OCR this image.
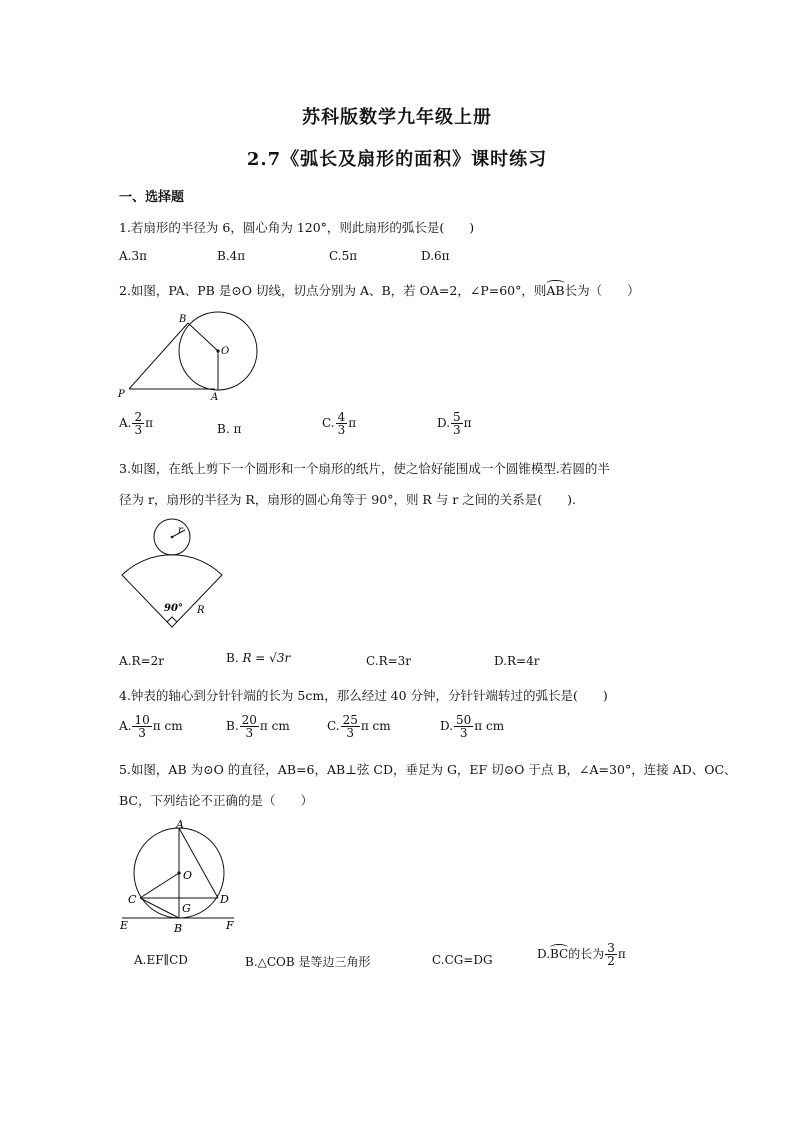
苏科版数学九年级上册
2.7《弧长及扇形的面积》课时练习
一、选择题
1.若扇形的半径为 6，圆心角为 120°，则此扇形的弧长是(　　)
A.3π	B.4π	C.5π	D.6π
2.如图，PA、PB 是⊙O 切线，切点分别为 A、B，若 OA=2，∠P=60°，则AB长为（　　）
B
O
P	A
A. $\frac{2}{3}$ π	B. π	C. $\frac{4}{3}$ π	D. $\frac{5}{3}$ π
3.如图，在纸上剪下一个圆形和一个扇形的纸片，使之恰好能围成一个圆锥模型.若圆的半
径为 r，扇形的半径为 R，扇形的圆心角等于 90°，则 R 与 r 之间的关系是(　　).
r
90° R
A.R=2r	B. R = √3r	C.R=3r	D.R=4r
4.钟表的轴心到分针针端的长为 5cm，那么经过 40 分钟，分针针端转过的弧长是(　　)
A. $\frac{10}{3}$ π cm	B. $\frac{20}{3}$ π cm	C. $\frac{25}{3}$ π cm	D. $\frac{50}{3}$ π cm
5.如图，AB 为⊙O 的直径，AB=6，AB⊥弦 CD，垂足为 G，EF 切⊙O 于点 B，∠A=30°，连接 AD、OC、
BC，下列结论不正确的是（　　）
A
O
C	D
G
E	B	F
A.EF∥CD	B.△COB 是等边三角形	C.CG=DG	D.BC的长为 $\frac{3}{2}$ π
